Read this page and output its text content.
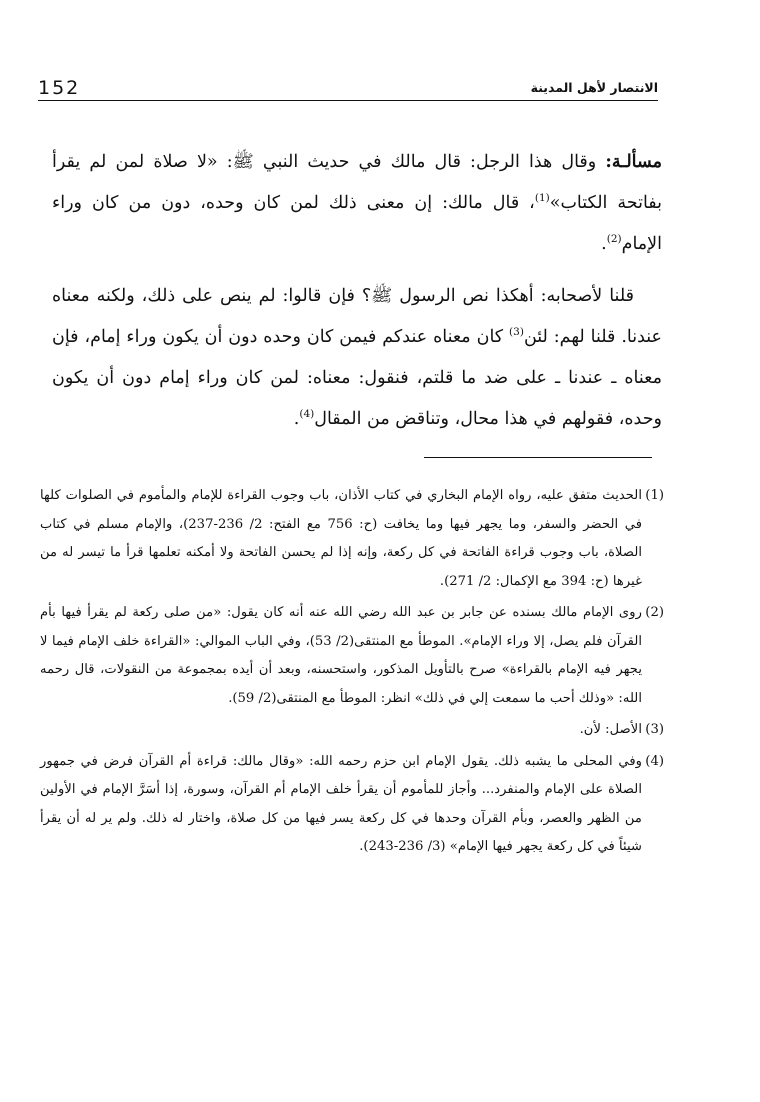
الانتصار لأهل المدينة
152

مسألـة: وقال هذا الرجل: قال مالك في حديث النبي ﷺ: «لا صلاة لمن لم يقرأ بفاتحة الكتاب»$^{(1)}$، قال مالك: إن معنى ذلك لمن كان وحده، دون من كان وراء الإمام$^{(2)}$.

قلنا لأصحابه: أهكذا نص الرسول ﷺ؟ فإن قالوا: لم ينص على ذلك، ولكنه معناه عندنا. قلنا لهم: لئن$^{(3)}$ كان معناه عندكم فيمن كان وحده دون أن يكون وراء إمام، فإن معناه ـ عندنا ـ على ضد ما قلتم، فنقول: معناه: لمن كان وراء إمام دون أن يكون وحده، فقولهم في هذا محال، وتناقض من المقال$^{(4)}$.

(1)الحديث متفق عليه، رواه الإمام البخاري في كتاب الأذان، باب وجوب القراءة للإمام والمأموم في الصلوات كلها في الحضر والسفر، وما يجهر فيها وما يخافت (ح: 756 مع الفتح: 2/ 236-237)، والإمام مسلم في كتاب الصلاة، باب وجوب قراءة الفاتحة في كل ركعة، وإنه إذا لم يحسن الفاتحة ولا أمكنه تعلمها قرأ ما تيسر له من غيرها (ح: 394 مع الإكمال: 2/ 271).

(2)روى الإمام مالك بسنده عن جابر بن عبد الله رضي الله عنه أنه كان يقول: «من صلى ركعة لم يقرأ فيها بأم القرآن فلم يصل، إلا وراء الإمام». الموطأ مع المنتقى(2/ 53)، وفي الباب الموالي: «القراءة خلف الإمام فيما لا يجهر فيه الإمام بالقراءة» صرح بالتأويل المذكور، واستحسنه، وبعد أن أيده بمجموعة من النقولات، قال رحمه الله: «وذلك أحب ما سمعت إلي في ذلك» انظر: الموطأ مع المنتقى(2/ 59).

(3)الأصل: لأن.

(4)وفي المحلى ما يشبه ذلك. يقول الإمام ابن حزم رحمه الله: «وقال مالك: قراءة أم القرآن فرض في جمهور الصلاة على الإمام والمنفرد... وأجاز للمأموم أن يقرأ خلف الإمام أم القرآن، وسورة، إذا أسَرَّ الإمام في الأولين من الظهر والعصر، وبأم القرآن وحدها في كل ركعة يسر فيها من كل صلاة، واختار له ذلك. ولم ير له أن يقرأ شيئاً في كل ركعة يجهر فيها الإمام» (3/ 236-243).
